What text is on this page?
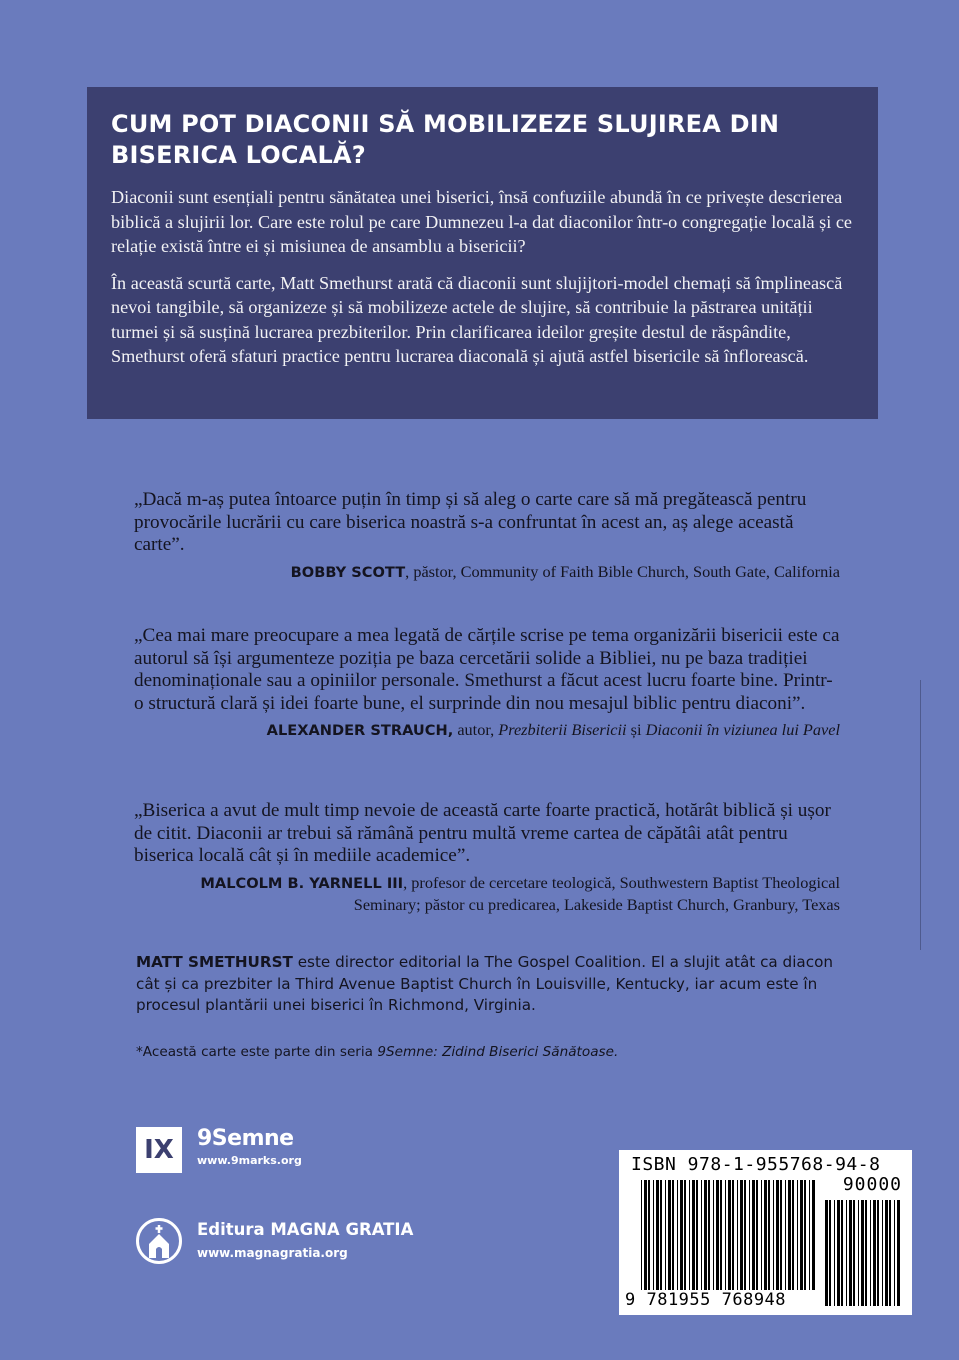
CUM POT DIACONII SĂ MOBILIZEZE SLUJIREA DIN BISERICA LOCALĂ?

Diaconii sunt esențiali pentru sănătatea unei biserici, însă confuziile abundă în ce privește descrierea biblică a slujirii lor. Care este rolul pe care Dumnezeu l-a dat diaconilor într-o congregație locală și ce relație există între ei și misiunea de ansamblu a bisericii?

În această scurtă carte, Matt Smethurst arată că diaconii sunt slujijtori-model chemați să împlinească nevoi tangibile, să organizeze și să mobilizeze actele de slujire, să contribuie la păstrarea unității turmei și să susțină lucrarea prezbiterilor. Prin clarificarea ideilor greșite destul de răspândite, Smethurst oferă sfaturi practice pentru lucrarea diaconală și ajută astfel bisericile să înflorească.

„Dacă m-aș putea întoarce puțin în timp și să aleg o carte care să mă pregătească pentru provocările lucrării cu care biserica noastră s-a confruntat în acest an, aș alege această carte”.

BOBBY SCOTT, păstor, Community of Faith Bible Church, South Gate, California

„Cea mai mare preocupare a mea legată de cărțile scrise pe tema organizării bisericii este ca autorul să își argumenteze poziția pe baza cercetării solide a Bibliei, nu pe baza tradiției denominaționale sau a opiniilor personale. Smethurst a făcut acest lucru foarte bine. Printr-o structură clară și idei foarte bune, el surprinde din nou mesajul biblic pentru diaconi”.

ALEXANDER STRAUCH, autor, Prezbiterii Bisericii și Diaconii în viziunea lui Pavel

„Biserica a avut de mult timp nevoie de această carte foarte practică, hotărât biblică și ușor de citit. Diaconii ar trebui să rămână pentru multă vreme cartea de căpătâi atât pentru biserica locală cât și în mediile academice”.

MALCOLM B. YARNELL III, profesor de cercetare teologică, Southwestern Baptist Theological Seminary; păstor cu predicarea, Lakeside Baptist Church, Granbury, Texas
MATT SMETHURST este director editorial la The Gospel Coalition. El a slujit atât ca diacon cât și ca prezbiter la Third Avenue Baptist Church în Louisville, Kentucky, iar acum este în procesul plantării unei biserici în Richmond, Virginia.
*Această carte este parte din seria 9Semne: Zidind Biserici Sănătoase.
IX 9Semne
www.9marks.org
Editura MAGNA GRATIA
www.magnagratia.org
ISBN 978-1-955768-94-8
90000
9 781955 768948
